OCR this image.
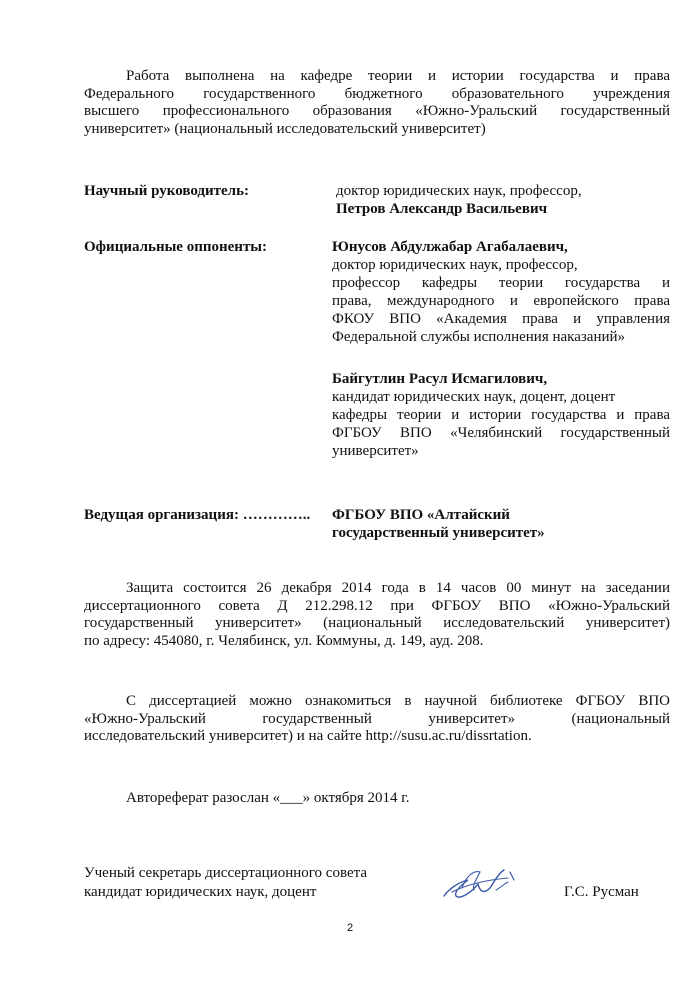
Работа выполнена на кафедре теории и истории государства и права
Федерального государственного бюджетного образовательного учреждения
высшего профессионального образования «Южно-Уральский государственный
университет» (национальный исследовательский университет)
Научный руководитель:	доктор юридических наук, профессор,
Петров Александр Васильевич
Официальные оппоненты:	Юнусов Абдулжабар Агабалаевич,
доктор юридических наук, профессор,
профессор кафедры теории государства и
права, международного и европейского права
ФКОУ ВПО «Академия права и управления
Федеральной службы исполнения наказаний»
Байгутлин Расул Исмагилович,
кандидат юридических наук, доцент, доцент
кафедры теории и истории государства и права
ФГБОУ ВПО «Челябинский государственный
университет»
Ведущая организация: ………….. ФГБОУ ВПО «Алтайский
государственный университет»
Защита состоится 26 декабря 2014 года в 14 часов 00 минут на заседании
диссертационного совета Д 212.298.12 при ФГБОУ ВПО «Южно-Уральский
государственный университет» (национальный исследовательский университет)
по адресу: 454080, г. Челябинск, ул. Коммуны, д. 149, ауд. 208.
С диссертацией можно ознакомиться в научной библиотеке ФГБОУ ВПО
«Южно-Уральский государственный университет» (национальный
исследовательский университет) и на сайте http://susu.ac.ru/dissrtation.
Автореферат разослан «___» октября 2014 г.
Ученый секретарь диссертационного совета
кандидат юридических наук, доцент	Г.С. Русман
2
